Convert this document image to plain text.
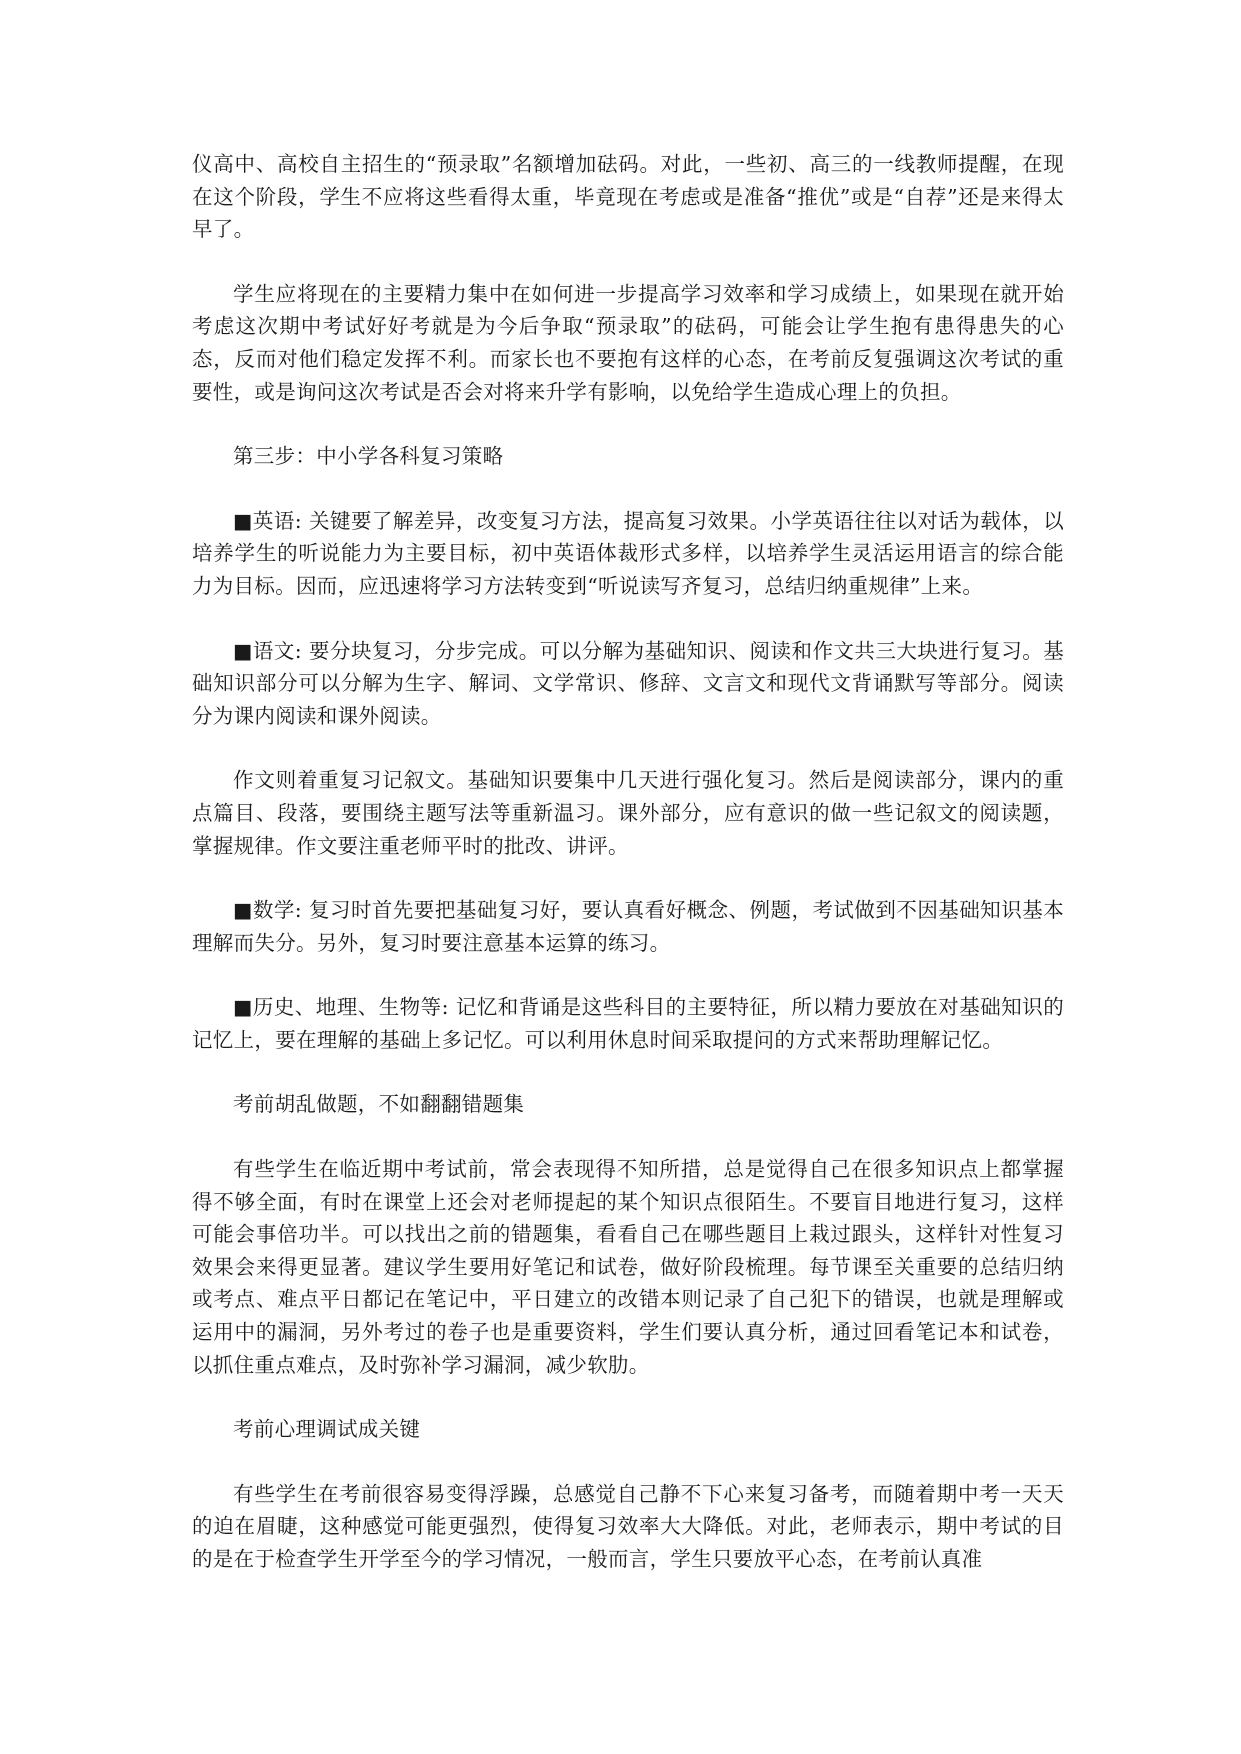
仪高中、高校自主招生的“预录取”名额增加砝码。对此，一些初、高三的一线教师提醒，在现在这个阶段，学生不应将这些看得太重，毕竟现在考虑或是准备“推优”或是“自荐”还是来得太早了。

学生应将现在的主要精力集中在如何进一步提高学习效率和学习成绩上，如果现在就开始考虑这次期中考试好好考就是为今后争取“预录取”的砝码，可能会让学生抱有患得患失的心态，反而对他们稳定发挥不利。而家长也不要抱有这样的心态，在考前反复强调这次考试的重要性，或是询问这次考试是否会对将来升学有影响，以免给学生造成心理上的负担。

第三步：中小学各科复习策略

■英语: 关键要了解差异，改变复习方法，提高复习效果。小学英语往往以对话为载体，以培养学生的听说能力为主要目标，初中英语体裁形式多样，以培养学生灵活运用语言的综合能力为目标。因而，应迅速将学习方法转变到“听说读写齐复习，总结归纳重规律”上来。

■语文: 要分块复习，分步完成。可以分解为基础知识、阅读和作文共三大块进行复习。基础知识部分可以分解为生字、解词、文学常识、修辞、文言文和现代文背诵默写等部分。阅读分为课内阅读和课外阅读。

作文则着重复习记叙文。基础知识要集中几天进行强化复习。然后是阅读部分，课内的重点篇目、段落，要围绕主题写法等重新温习。课外部分，应有意识的做一些记叙文的阅读题，掌握规律。作文要注重老师平时的批改、讲评。

■数学: 复习时首先要把基础复习好，要认真看好概念、例题，考试做到不因基础知识基本理解而失分。另外，复习时要注意基本运算的练习。

■历史、地理、生物等: 记忆和背诵是这些科目的主要特征，所以精力要放在对基础知识的记忆上，要在理解的基础上多记忆。可以利用休息时间采取提问的方式来帮助理解记忆。

考前胡乱做题，不如翻翻错题集

有些学生在临近期中考试前，常会表现得不知所措，总是觉得自己在很多知识点上都掌握得不够全面，有时在课堂上还会对老师提起的某个知识点很陌生。不要盲目地进行复习，这样可能会事倍功半。可以找出之前的错题集，看看自己在哪些题目上栽过跟头，这样针对性复习效果会来得更显著。建议学生要用好笔记和试卷，做好阶段梳理。每节课至关重要的总结归纳或考点、难点平日都记在笔记中，平日建立的改错本则记录了自己犯下的错误，也就是理解或运用中的漏洞，另外考过的卷子也是重要资料，学生们要认真分析，通过回看笔记本和试卷，以抓住重点难点，及时弥补学习漏洞，减少软肋。

考前心理调试成关键

有些学生在考前很容易变得浮躁，总感觉自己静不下心来复习备考，而随着期中考一天天的迫在眉睫，这种感觉可能更强烈，使得复习效率大大降低。对此，老师表示，期中考试的目的是在于检查学生开学至今的学习情况，一般而言，学生只要放平心态，在考前认真准
